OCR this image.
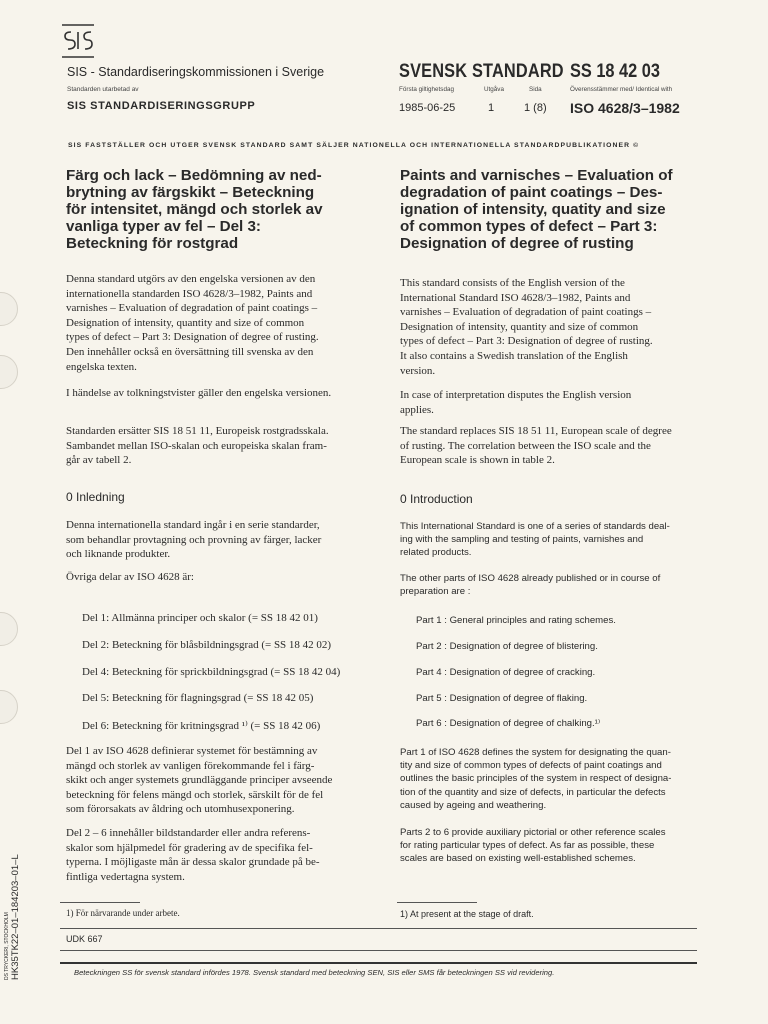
SIS - Standardiseringskommissionen i Sverige
Standarden utarbetad av
SIS STANDARDISERINGSGRUPP
SVENSK STANDARD SS 18 42 03
Första giltighetsdag	Utgåva	Sida	Överensstämmer med/ Identical with
1985-06-25	1	1 (8) ISO 4628/3–1982
SIS FASTSTÄLLER OCH UTGER SVENSK STANDARD SAMT SÄLJER NATIONELLA OCH INTERNATIONELLA STANDARDPUBLIKATIONER ©
Färg och lack – Bedömning av ned-
brytning av färgskikt – Beteckning
för intensitet, mängd och storlek av
vanliga typer av fel – Del 3:
Beteckning för rostgrad
Paints and varnisches – Evaluation of
degradation of paint coatings – Des-
ignation of intensity, quatity and size
of common types of defect – Part 3:
Designation of degree of rusting
Denna standard utgörs av den engelska versionen av den
internationella standarden ISO 4628/3–1982, Paints and
varnishes – Evaluation of degradation of paint coatings –
Designation of intensity, quantity and size of common
types of defect – Part 3: Designation of degree of rusting.
Den innehåller också en översättning till svenska av den
engelska texten.
I händelse av tolkningstvister gäller den engelska versionen.
Standarden ersätter SIS 18 51 11, Europeisk rostgradsskala.
Sambandet mellan ISO-skalan och europeiska skalan fram-
går av tabell 2.
0 Inledning
Denna internationella standard ingår i en serie standarder,
som behandlar provtagning och provning av färger, lacker
och liknande produkter.
Övriga delar av ISO 4628 är:
Del 1: Allmänna principer och skalor (= SS 18 42 01)
Del 2: Beteckning för blåsbildningsgrad (= SS 18 42 02)
Del 4: Beteckning för sprickbildningsgrad (= SS 18 42 04)
Del 5: Beteckning för flagningsgrad (= SS 18 42 05)
Del 6: Beteckning för kritningsgrad ¹⁾ (= SS 18 42 06)
Del 1 av ISO 4628 definierar systemet för bestämning av
mängd och storlek av vanligen förekommande fel i färg-
skikt och anger systemets grundläggande principer avseende
beteckning för felens mängd och storlek, särskilt för de fel
som förorsakats av åldring och utomhusexponering.
Del 2 – 6 innehåller bildstandarder eller andra referens-
skalor som hjälpmedel för gradering av de specifika fel-
typerna. I möjligaste mån är dessa skalor grundade på be-
fintliga vedertagna system.
This standard consists of the English version of the
International Standard ISO 4628/3–1982, Paints and
varnishes – Evaluation of degradation of paint coatings –
Designation of intensity, quantity and size of common
types of defect – Part 3: Designation of degree of rusting.
It also contains a Swedish translation of the English
version.
In case of interpretation disputes the English version
applies.
The standard replaces SIS 18 51 11, European scale of degree
of rusting. The correlation between the ISO scale and the
European scale is shown in table 2.
0 Introduction
This International Standard is one of a series of standards deal-
ing with the sampling and testing of paints, varnishes and
related products.
The other parts of ISO 4628 already published or in course of
preparation are :
Part 1 : General principles and rating schemes.
Part 2 : Designation of degree of blistering.
Part 4 : Designation of degree of cracking.
Part 5 : Designation of degree of flaking.
Part 6 : Designation of degree of chalking.¹⁾
Part 1 of ISO 4628 defines the system for designating the quan-
tity and size of common types of defects of paint coatings and
outlines the basic principles of the system in respect of designa-
tion of the quantity and size of defects, in particular the defects
caused by ageing and weathering.
Parts 2 to 6 provide auxiliary pictorial or other reference scales
for rating particular types of defect. As far as possible, these
scales are based on existing well-established schemes.
1) För närvarande under arbete.	1) At present at the stage of draft.
UDK 667
Beteckningen SS för svensk standard infördes 1978. Svensk standard med beteckning SEN, SIS eller SMS får beteckningen SS vid revidering.
HK35TK22–01–184203–01–L
DS TRYCKERI, STOCKHOLM
